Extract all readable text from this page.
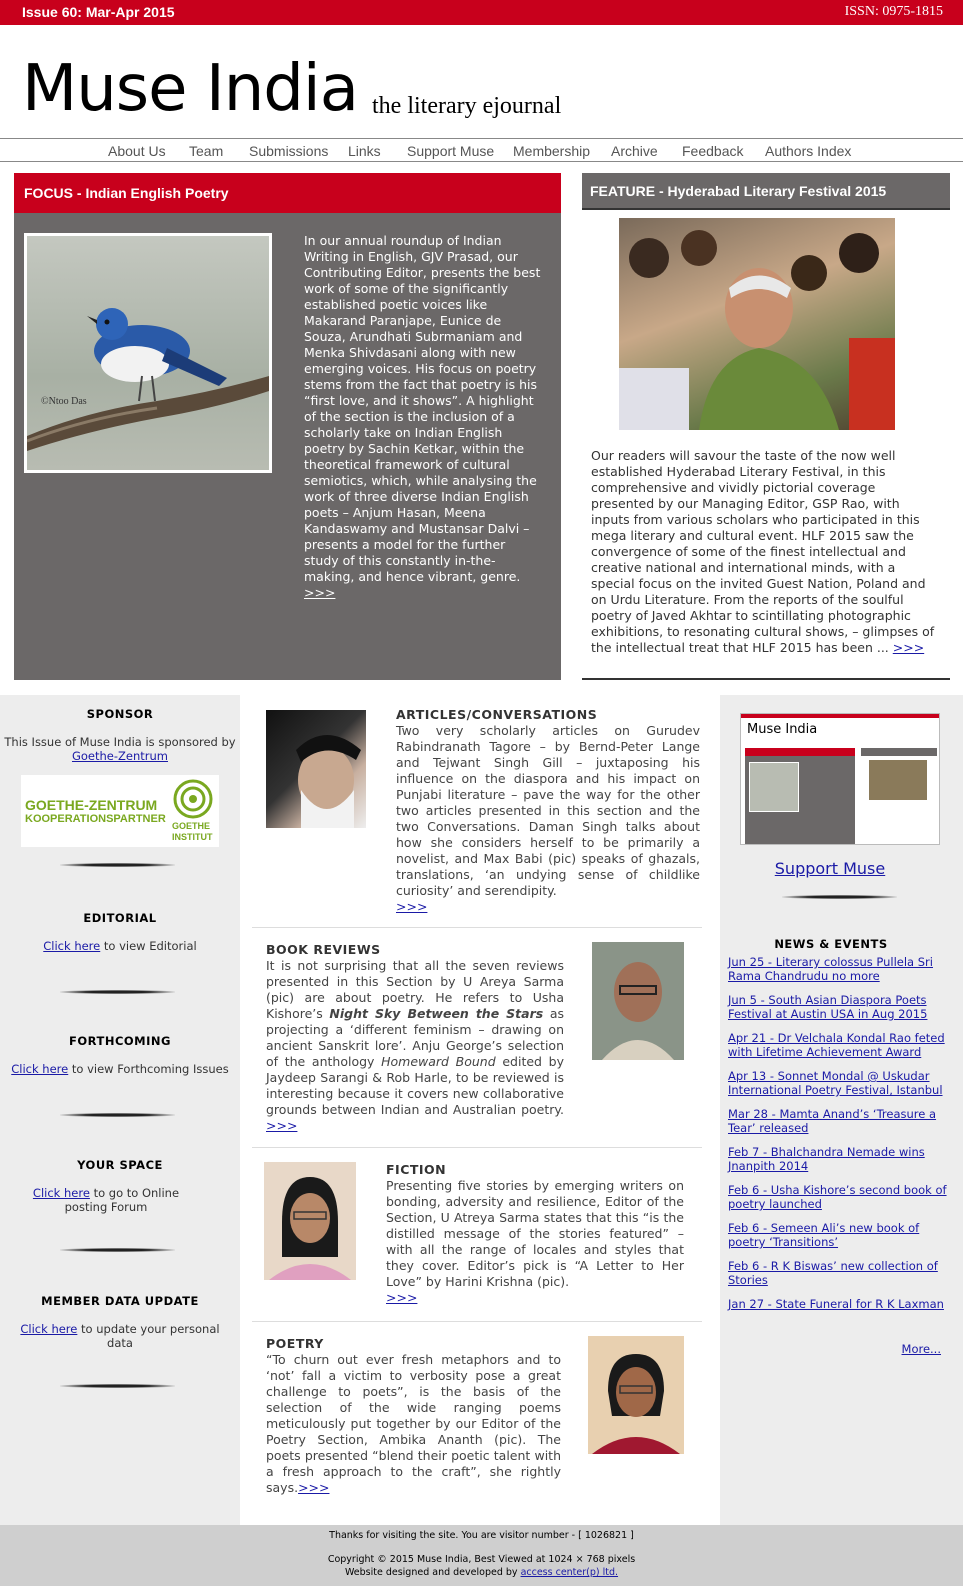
Issue 60: Mar-Apr 2015	ISSN: 0975-1815
Muse India the literary ejournal
About Us Team Submissions Links Support Muse Membership Archive Feedback Authors Index
FOCUS - Indian English Poetry
©Ntoo Das
In our annual roundup of Indian Writing in English, GJV Prasad, our Contributing Editor, presents the best work of some of the significantly established poetic voices like Makarand Paranjape, Eunice de Souza, Arundhati Subrmaniam and Menka Shivdasani along with new emerging voices. His focus on poetry stems from the fact that poetry is his “first love, and it shows”. A highlight of the section is the inclusion of a scholarly take on Indian English poetry by Sachin Ketkar, within the theoretical framework of cultural semiotics, which, while analysing the work of three diverse Indian English poets – Anjum Hasan, Meena Kandaswamy and Mustansar Dalvi – presents a model for the further study of this constantly in-the-making, and hence vibrant, genre. >>>
FEATURE - Hyderabad Literary Festival 2015
Our readers will savour the taste of the now well established Hyderabad Literary Festival, in this comprehensive and vividly pictorial coverage presented by our Managing Editor, GSP Rao, with inputs from various scholars who participated in this mega literary and cultural event. HLF 2015 saw the convergence of some of the finest intellectual and creative national and international minds, with a special focus on the invited Guest Nation, Poland and on Urdu Literature. From the reports of the soulful poetry of Javed Akhtar to scintillating photographic exhibitions, to resonating cultural shows, – glimpses of the intellectual treat that HLF 2015 has been ... >>>
SPONSOR
This Issue of Muse India is sponsored by Goethe-Zentrum
GOETHE-ZENTRUM
KOOPERATIONSPARTNER
GOETHE
INSTITUT
EDITORIAL
Click here to view Editorial
FORTHCOMING
Click here to view Forthcoming Issues
YOUR SPACE
Click here to go to Online posting Forum
MEMBER DATA UPDATE
Click here to update your personal data
ARTICLES/CONVERSATIONS
Two very scholarly articles on Gurudev Rabindranath Tagore – by Bernd-Peter Lange and Tejwant Singh Gill – juxtaposing his influence on the diaspora and his impact on Punjabi literature – pave the way for the other two articles presented in this section and the two Conversations. Daman Singh talks about how she considers herself to be primarily a novelist, and Max Babi (pic) speaks of ghazals, translations, ‘an undying sense of childlike curiosity’ and serendipity.
>>>
BOOK REVIEWS
It is not surprising that all the seven reviews presented in this Section by U Areya Sarma (pic) are about poetry. He refers to Usha Kishore’s Night Sky Between the Stars as projecting a ‘different feminism – drawing on ancient Sanskrit lore’. Anju George’s selection of the anthology Homeward Bound edited by Jaydeep Sarangi & Rob Harle, to be reviewed is interesting because it covers new collaborative grounds between Indian and Australian poetry. >>>
FICTION
Presenting five stories by emerging writers on bonding, adversity and resilience, Editor of the Section, U Atreya Sarma states that this “is the distilled message of the stories featured” – with all the range of locales and styles that they cover. Editor’s pick is “A Letter to Her Love” by Harini Krishna (pic).
>>>
POETRY
“To churn out ever fresh metaphors and to ‘not’ fall a victim to verbosity pose a great challenge to poets”, is the basis of the selection of the wide ranging poems meticulously put together by our Editor of the Poetry Section, Ambika Ananth (pic). The poets presented “blend their poetic talent with a fresh approach to the craft”, she rightly says.>>>
Muse India
Support Muse
NEWS & EVENTS
Jun 25 - Literary colossus Pullela Sri Rama Chandrudu no more
Jun 5 - South Asian Diaspora Poets Festival at Austin USA in Aug 2015
Apr 21 - Dr Velchala Kondal Rao feted with Lifetime Achievement Award
Apr 13 - Sonnet Mondal @ Uskudar International Poetry Festival, Istanbul
Mar 28 - Mamta Anand’s ‘Treasure a Tear’ released
Feb 7 - Bhalchandra Nemade wins Jnanpith 2014
Feb 6 - Usha Kishore’s second book of poetry launched
Feb 6 - Semeen Ali’s new book of poetry ‘Transitions’
Feb 6 - R K Biswas’ new collection of Stories
Jan 27 - State Funeral for R K Laxman
More...
Thanks for visiting the site. You are visitor number - [ 1026821 ]
Copyright © 2015 Muse India, Best Viewed at 1024 × 768 pixels
Website designed and developed by access center(p) ltd.
